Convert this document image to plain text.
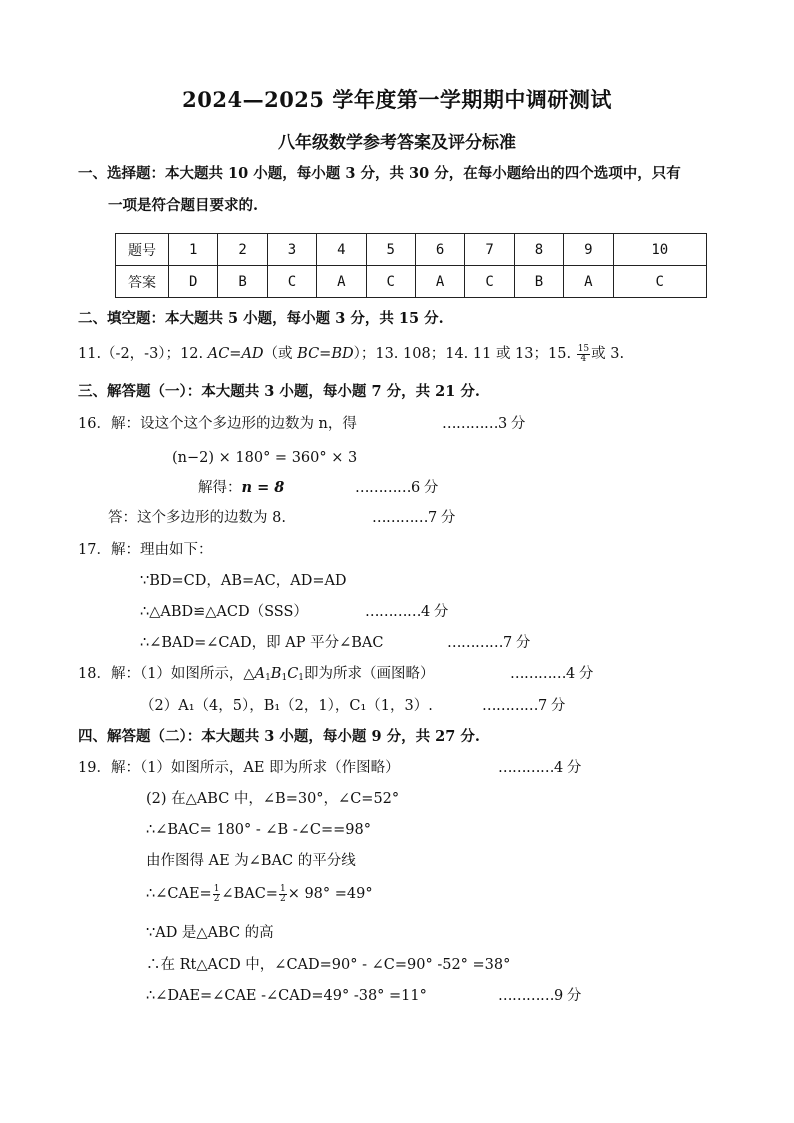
2024—2025 学年度第一学期期中调研测试
八年级数学参考答案及评分标准
一、选择题：本大题共 10 小题，每小题 3 分，共 30 分，在每小题给出的四个选项中，只有
一项是符合题目要求的.
题号	1	2	3	4	5	6	7	8	9	10
答案	D	B	C	A	C	A	C	B	A	C
二、填空题：本大题共 5 小题，每小题 3 分，共 15 分.
11.（-2，-3）；12. AC=AD（或 BC=BD）；13. 108；14. 11 或 13；15. $\frac{15}{4}$ 或 3.
三、解答题（一）：本大题共 3 小题，每小题 7 分，共 21 分.
16．解：设这个这个多边形的边数为 n，得	…………3 分
(n−2) × 180° = 360° × 3
解得：n = 8	…………6 分
答：这个多边形的边数为 8.	…………7 分
17．解：理由如下：
∵BD=CD，AB=AC，AD=AD
∴△ABD≌△ACD（SSS）	…………4 分
∴∠BAD=∠CAD，即 AP 平分∠BAC	…………7 分
18．解：（1）如图所示，$\triangle A_1B_1C_1$即为所求（画图略）	…………4 分
（2）A₁（4，5），B₁（2，1），C₁（1，3）.	…………7 分
四、解答题（二）：本大题共 3 小题，每小题 9 分，共 27 分.
19．解：（1）如图所示，AE 即为所求（作图略）	…………4 分
(2) 在△ABC 中，∠B=30°，∠C=52°
∴∠BAC= 180° - ∠B -∠C==98°
由作图得 AE 为∠BAC 的平分线
∴∠CAE= $\frac{1}{2}$ ∠BAC= $\frac{1}{2} \times 98^\circ =49^\circ$
∵AD 是△ABC 的高
∴在 Rt△ACD 中，∠CAD=90° - ∠C=90° -52° =38°
∴∠DAE=∠CAE -∠CAD=49° -38° =11°	…………9 分
